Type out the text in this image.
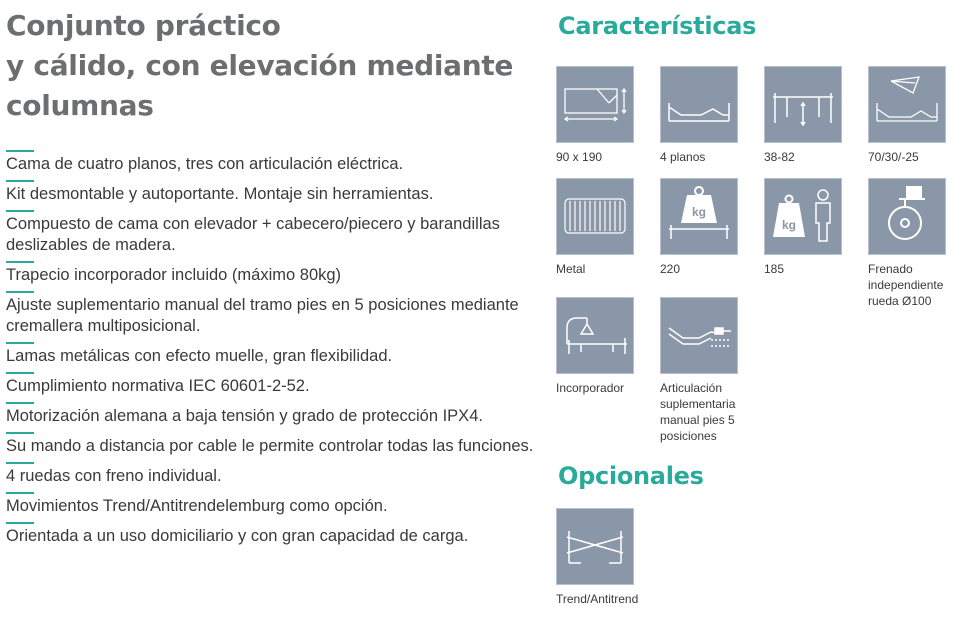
Conjunto práctico
y cálido, con elevación mediante
columnas
Cama de cuatro planos, tres con articulación eléctrica.
Kit desmontable y autoportante. Montaje sin herramientas.
Compuesto de cama con elevador + cabecero/piecero y barandillas deslizables de madera.
Trapecio incorporador incluido (máximo 80kg)
Ajuste suplementario manual del tramo pies en 5 posiciones mediante cremallera multiposicional.
Lamas metálicas con efecto muelle, gran flexibilidad.
Cumplimiento normativa IEC 60601-2-52.
Motorización alemana a baja tensión y grado de protección IPX4.
Su mando a distancia por cable le permite controlar todas las funciones.
4 ruedas con freno individual.
Movimientos Trend/Antitrendelemburg como opción.
Orientada a un uso domiciliario y con gran capacidad de carga.
Características
90 x 190	4 planos	38-82	70/30/-25
Metal
kg
220
kg
185	Frenado independiente rueda Ø100
Incorporador	Articulación suplementaria manual pies 5 posiciones
Opcionales
Trend/Antitrend
